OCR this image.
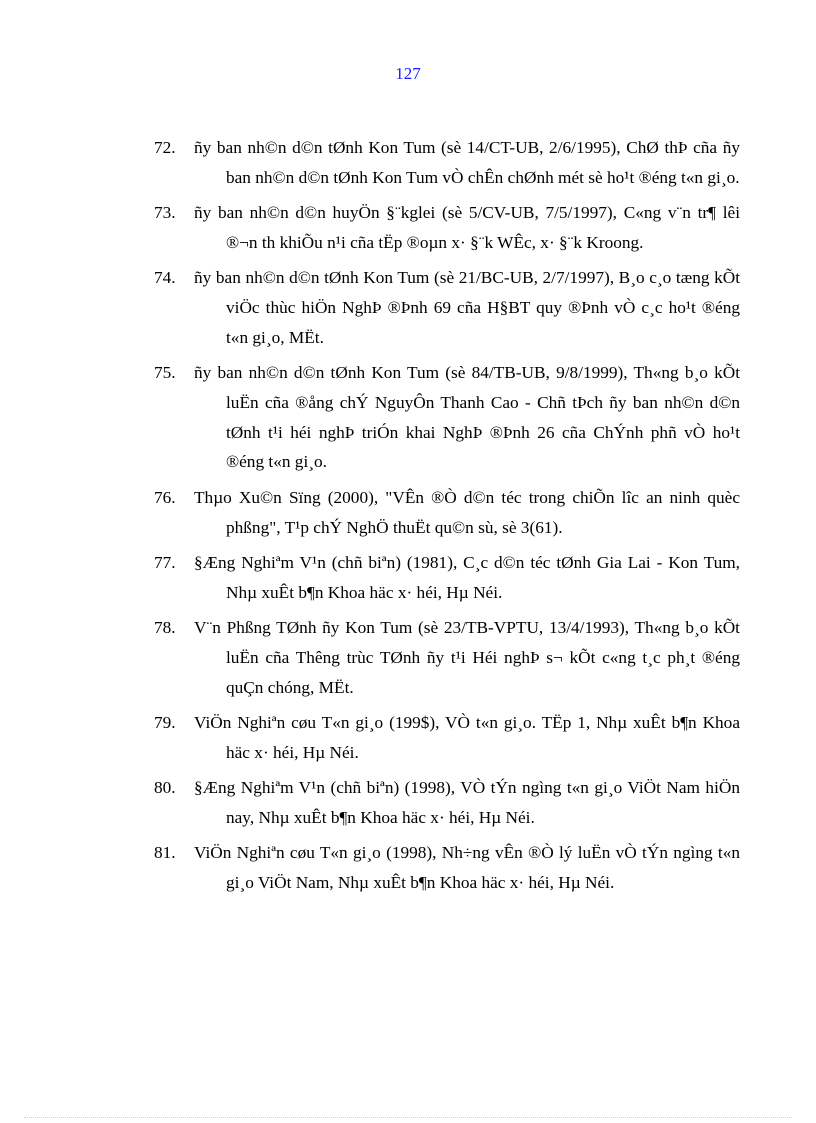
127
72.	ñy ban nh©n d©n tØnh Kon Tum (sè 14/CT-UB, 2/6/1995), ChØ thÞ cña ñy ban nh©n d©n tØnh Kon Tum vÒ chÊn chØnh mét sè ho¹t ®éng t«n gi¸o.
73.	ñy ban nh©n d©n huyÖn §¨kglei (sè 5/CV-UB, 7/5/1997), C«ng v¨n tr¶ lêi ®¬n th khiÕu n¹i cña tËp ®oµn x· §¨k WÊc, x· §¨k Kroong.
74.	ñy ban nh©n d©n tØnh Kon Tum (sè 21/BC-UB, 2/7/1997), B¸o c¸o tæng kÕt viÖc thùc hiÖn NghÞ ®Þnh 69 cña H§BT quy ®Þnh vÒ c¸c ho¹t ®éng t«n gi¸o, MËt.
75.	ñy ban nh©n d©n tØnh Kon Tum (sè 84/TB-UB, 9/8/1999), Th«ng b¸o kÕt luËn cña ®ång chÝ NguyÔn Thanh Cao - Chñ tÞch ñy ban nh©n d©n tØnh t¹i héi nghÞ triÓn khai NghÞ ®Þnh 26 cña ChÝnh phñ vÒ ho¹t ®éng t«n gi¸o.
76.	Thµo Xu©n Sïng (2000), "VÊn ®Ò d©n téc trong chiÕn lîc an ninh quèc phßng", T¹p chÝ NghÖ thuËt qu©n sù, sè 3(61).
77.	§Æng Nghiªm V¹n (chñ biªn) (1981), C¸c d©n téc tØnh Gia Lai - Kon Tum, Nhµ xuÊt b¶n Khoa häc x· héi, Hµ Néi.
78.	V¨n Phßng TØnh ñy Kon Tum (sè 23/TB-VPTU, 13/4/1993), Th«ng b¸o kÕt luËn cña Thêng trùc TØnh ñy t¹i Héi nghÞ s¬ kÕt c«ng t¸c ph¸t ®éng quÇn chóng, MËt.
79.	ViÖn Nghiªn cøu T«n gi¸o (199$), VÒ t«n gi¸o. TËp 1, Nhµ xuÊt b¶n Khoa häc x· héi, Hµ Néi.
80.	§Æng Nghiªm V¹n (chñ biªn) (1998), VÒ tÝn ngìng t«n gi¸o ViÖt Nam hiÖn nay, Nhµ xuÊt b¶n Khoa häc x· héi, Hµ Néi.
81.	ViÖn Nghiªn cøu T«n gi¸o (1998), Nh÷ng vÊn ®Ò lý luËn vÒ tÝn ngìng t«n gi¸o ViÖt Nam, Nhµ xuÊt b¶n Khoa häc x· héi, Hµ Néi.
